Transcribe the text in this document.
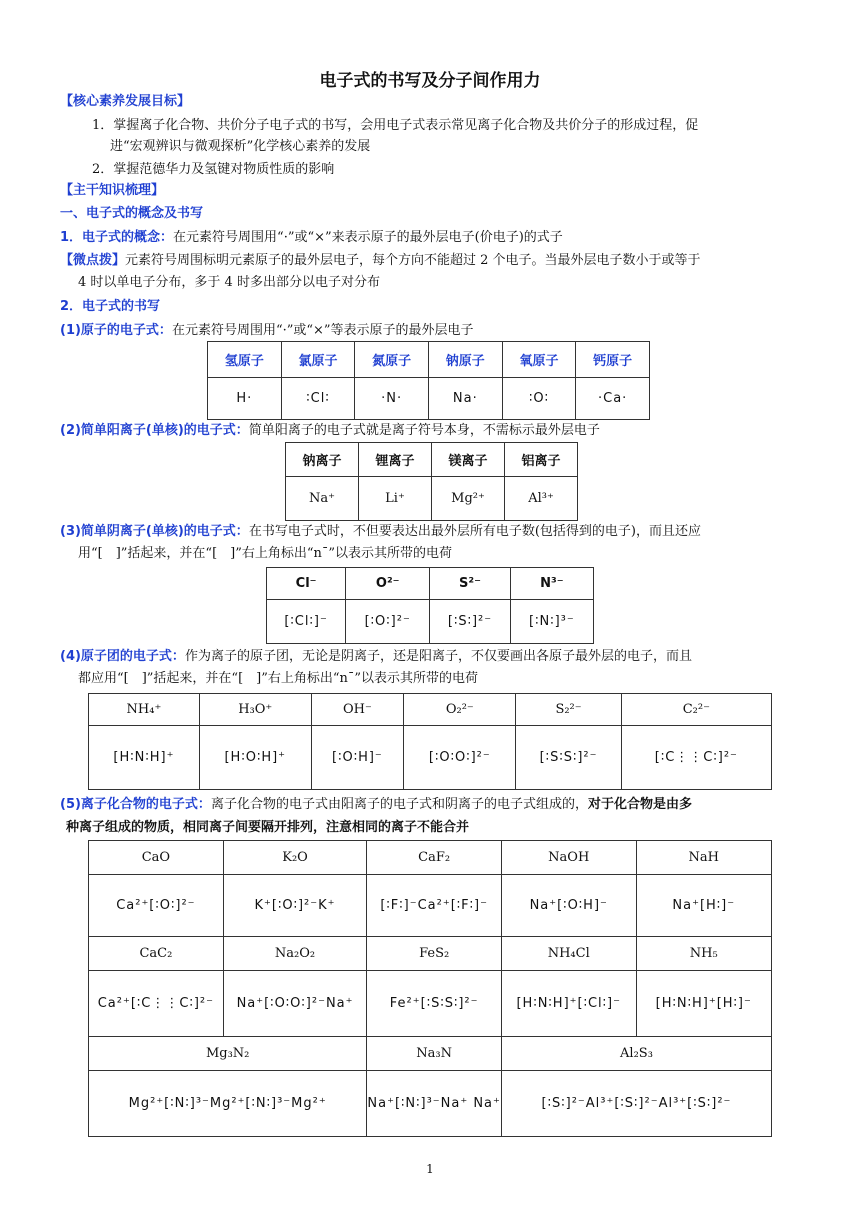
电子式的书写及分子间作用力
【核心素养发展目标】
1．掌握离子化合物、共价分子电子式的书写，会用电子式表示常见离子化合物及共价分子的形成过程，促
进“宏观辨识与微观探析”化学核心素养的发展
2．掌握范德华力及氢键对物质性质的影响
【主干知识梳理】
一、电子式的概念及书写
1．电子式的概念：在元素符号周围用“·”或“×”来表示原子的最外层电子(价电子)的式子
【微点拨】元素符号周围标明元素原子的最外层电子，每个方向不能超过 2 个电子。当最外层电子数小于或等于
4 时以单电子分布，多于 4 时多出部分以电子对分布
2．电子式的书写
(1)原子的电子式：在元素符号周围用“·”或“×”等表示原子的最外层电子
氢原子	氯原子	氮原子	钠原子	氧原子	钙原子
H·	∶Cl∶	·N·	Na·	∶O∶	·Ca·
(2)简单阳离子(单核)的电子式：简单阳离子的电子式就是离子符号本身，不需标示最外层电子
钠离子	锂离子	镁离子	铝离子
Na⁺	Li⁺	Mg²⁺	Al³⁺
(3)简单阴离子(单核)的电子式：在书写电子式时，不但要表达出最外层所有电子数(包括得到的电子)，而且还应
用“[　]”括起来，并在“[　]”右上角标出“nˉ”以表示其所带的电荷
Cl⁻	O²⁻	S²⁻	N³⁻
[∶Cl∶]⁻	[∶O∶]²⁻	[∶S∶]²⁻	[∶N∶]³⁻
(4)原子团的电子式：作为离子的原子团，无论是阴离子，还是阳离子，不仅要画出各原子最外层的电子，而且
都应用“[　]”括起来，并在“[　]”右上角标出“nˉ”以表示其所带的电荷
NH₄⁺	H₃O⁺	OH⁻	O₂²⁻	S₂²⁻	C₂²⁻
[H∶N∶H]⁺	[H∶O∶H]⁺	[∶O∶H]⁻	[∶O∶O∶]²⁻	[∶S∶S∶]²⁻	[∶C⋮⋮C∶]²⁻
(5)离子化合物的电子式：离子化合物的电子式由阳离子的电子式和阴离子的电子式组成的，对于化合物是由多
种离子组成的物质，相同离子间要隔开排列，注意相同的离子不能合并
CaO	K₂O	CaF₂	NaOH	NaH
Ca²⁺[∶O∶]²⁻	K⁺[∶O∶]²⁻K⁺	[∶F∶]⁻Ca²⁺[∶F∶]⁻	Na⁺[∶O∶H]⁻	Na⁺[H∶]⁻
CaC₂	Na₂O₂	FeS₂	NH₄Cl	NH₅
Ca²⁺[∶C⋮⋮C∶]²⁻	Na⁺[∶O∶O∶]²⁻Na⁺	Fe²⁺[∶S∶S∶]²⁻	[H∶N∶H]⁺[∶Cl∶]⁻	[H∶N∶H]⁺[H∶]⁻
Mg₃N₂		Na₃N	Al₂S₃	
Mg²⁺[∶N∶]³⁻Mg²⁺[∶N∶]³⁻Mg²⁺		Na⁺[∶N∶]³⁻Na⁺ Na⁺	[∶S∶]²⁻Al³⁺[∶S∶]²⁻Al³⁺[∶S∶]²⁻	
1
